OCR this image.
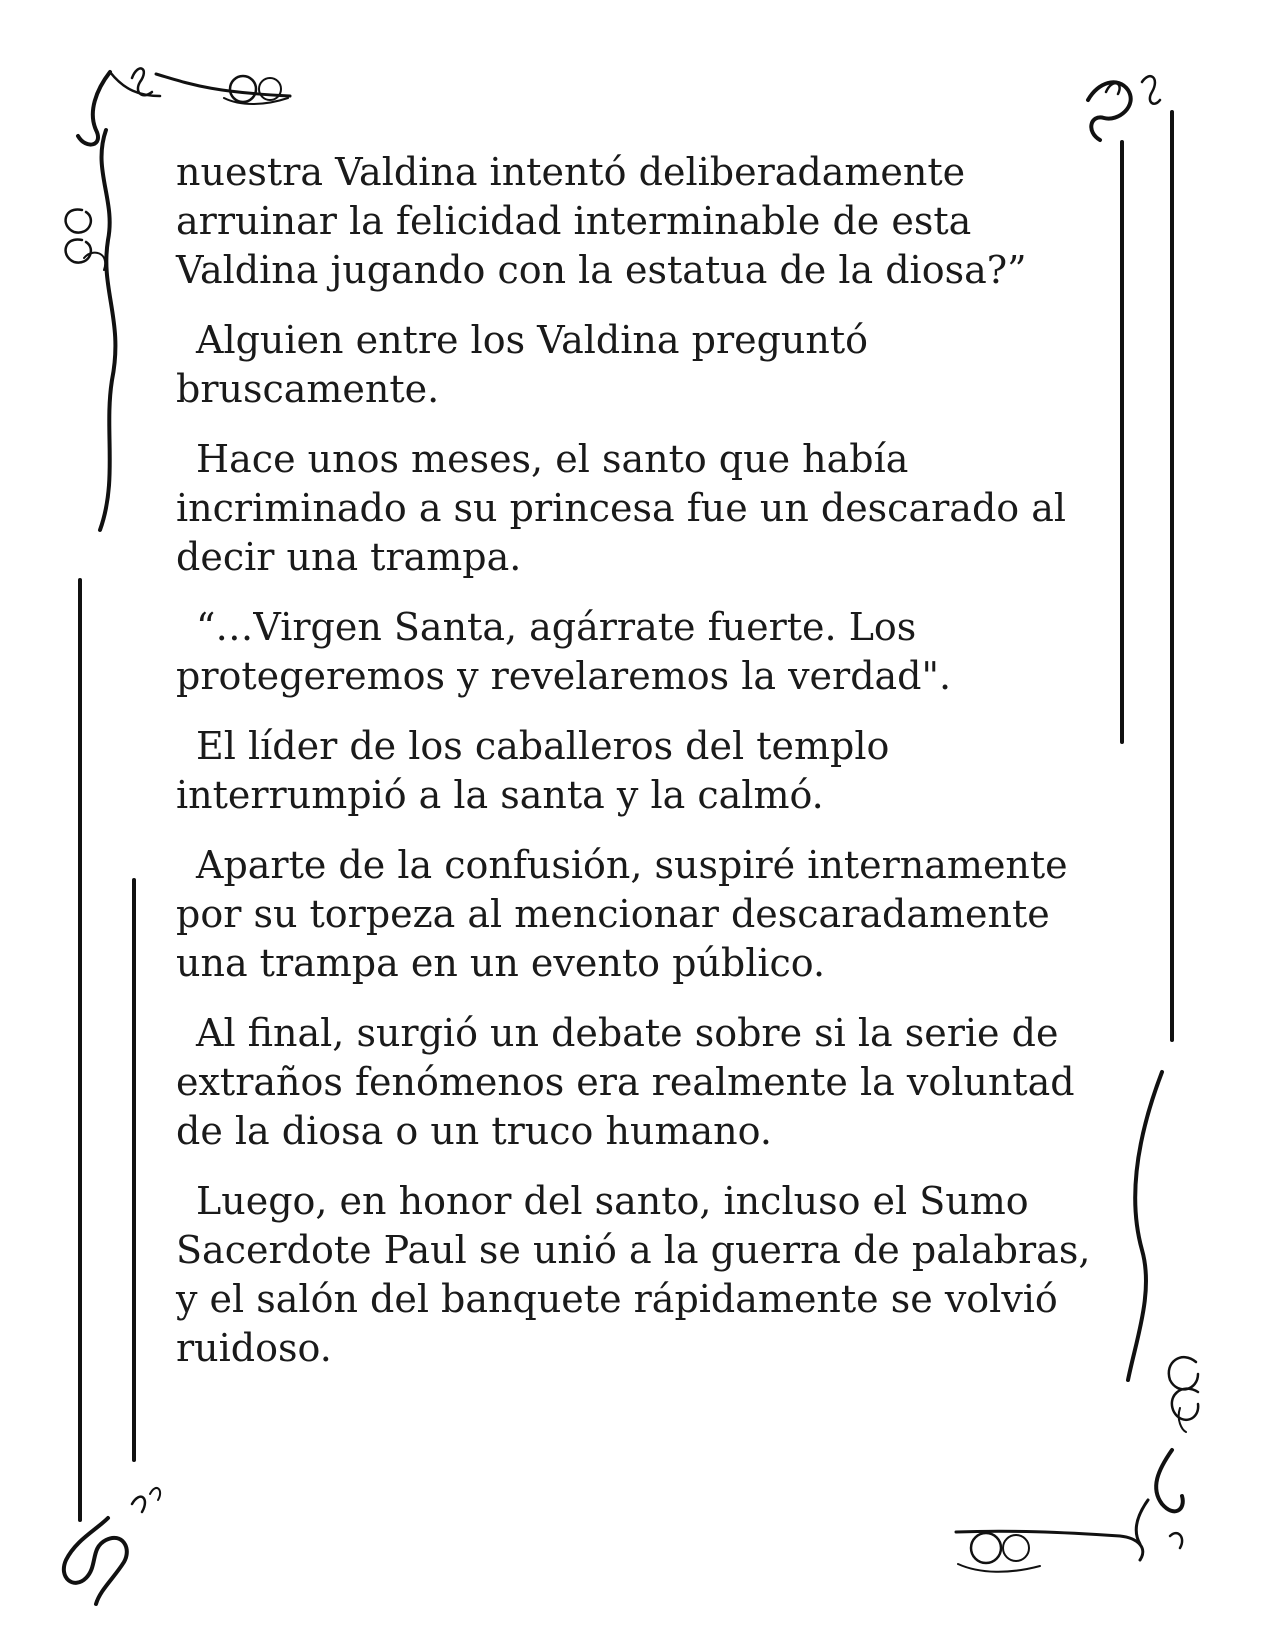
nuestra Valdina intentó deliberadamente
arruinar la felicidad interminable de esta
Valdina jugando con la estatua de la diosa?”

Alguien entre los Valdina preguntó
bruscamente.

Hace unos meses, el santo que había
incriminado a su princesa fue un descarado al
decir una trampa.

“…Virgen Santa, agárrate fuerte. Los
protegeremos y revelaremos la verdad".

El líder de los caballeros del templo
interrumpió a la santa y la calmó.

Aparte de la confusión, suspiré internamente
por su torpeza al mencionar descaradamente
una trampa en un evento público.

Al final, surgió un debate sobre si la serie de
extraños fenómenos era realmente la voluntad
de la diosa o un truco humano.

Luego, en honor del santo, incluso el Sumo
Sacerdote Paul se unió a la guerra de palabras,
y el salón del banquete rápidamente se volvió
ruidoso.
